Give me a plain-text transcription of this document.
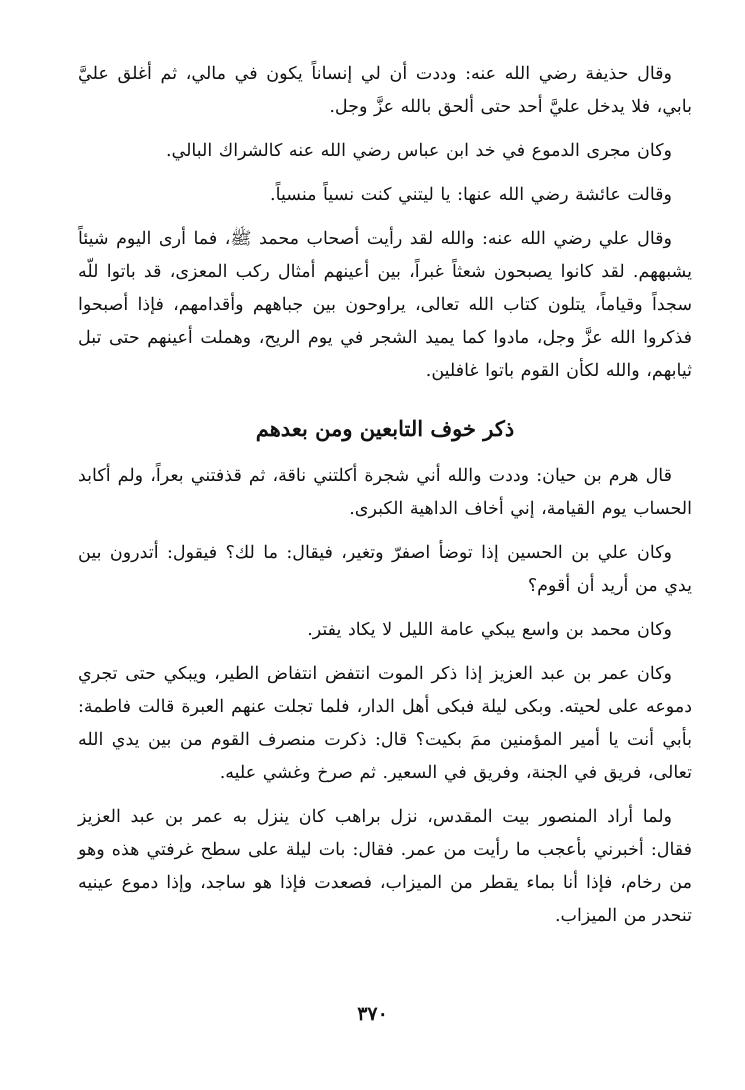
وقال حذيفة رضي الله عنه: وددت أن لي إنساناً يكون في مالي، ثم أغلق عليَّ بابي، فلا يدخل عليَّ أحد حتى ألحق بالله عزَّ وجل.

وكان مجرى الدموع في خد ابن عباس رضي الله عنه كالشراك البالي.

وقالت عائشة رضي الله عنها: يا ليتني كنت نسياً منسياً.

وقال علي رضي الله عنه: والله لقد رأيت أصحاب محمد ﷺ، فما أرى اليوم شيئاً يشبههم. لقد كانوا يصبحون شعثاً غبراً، بين أعينهم أمثال ركب المعزى، قد باتوا للّه سجداً وقياماً، يتلون كتاب الله تعالى، يراوحون بين جباههم وأقدامهم، فإذا أصبحوا فذكروا الله عزَّ وجل، مادوا كما يميد الشجر في يوم الريح، وهملت أعينهم حتى تبل ثيابهم، والله لكأن القوم باتوا غافلين.

ذكر خوف التابعين ومن بعدهم

قال هرم بن حيان: وددت والله أني شجرة أكلتني ناقة، ثم قذفتني بعراً، ولم أكابد الحساب يوم القيامة، إني أخاف الداهية الكبرى.

وكان علي بن الحسين إذا توضأ اصفرّ وتغير، فيقال: ما لك؟ فيقول: أتدرون بين يدي من أريد أن أقوم؟

وكان محمد بن واسع يبكي عامة الليل لا يكاد يفتر.

وكان عمر بن عبد العزيز إذا ذكر الموت انتفض انتفاض الطير، ويبكي حتى تجري دموعه على لحيته. وبكى ليلة فبكى أهل الدار، فلما تجلت عنهم العبرة قالت فاطمة: بأبي أنت يا أمير المؤمنين ممَ بكيت؟ قال: ذكرت منصرف القوم من بين يدي الله تعالى، فريق في الجنة، وفريق في السعير. ثم صرخ وغشي عليه.

ولما أراد المنصور بيت المقدس، نزل براهب كان ينزل به عمر بن عبد العزيز فقال: أخبرني بأعجب ما رأيت من عمر. فقال: بات ليلة على سطح غرفتي هذه وهو من رخام، فإذا أنا بماء يقطر من الميزاب، فصعدت فإذا هو ساجد، وإذا دموع عينيه تنحدر من الميزاب.

٣٧٠
